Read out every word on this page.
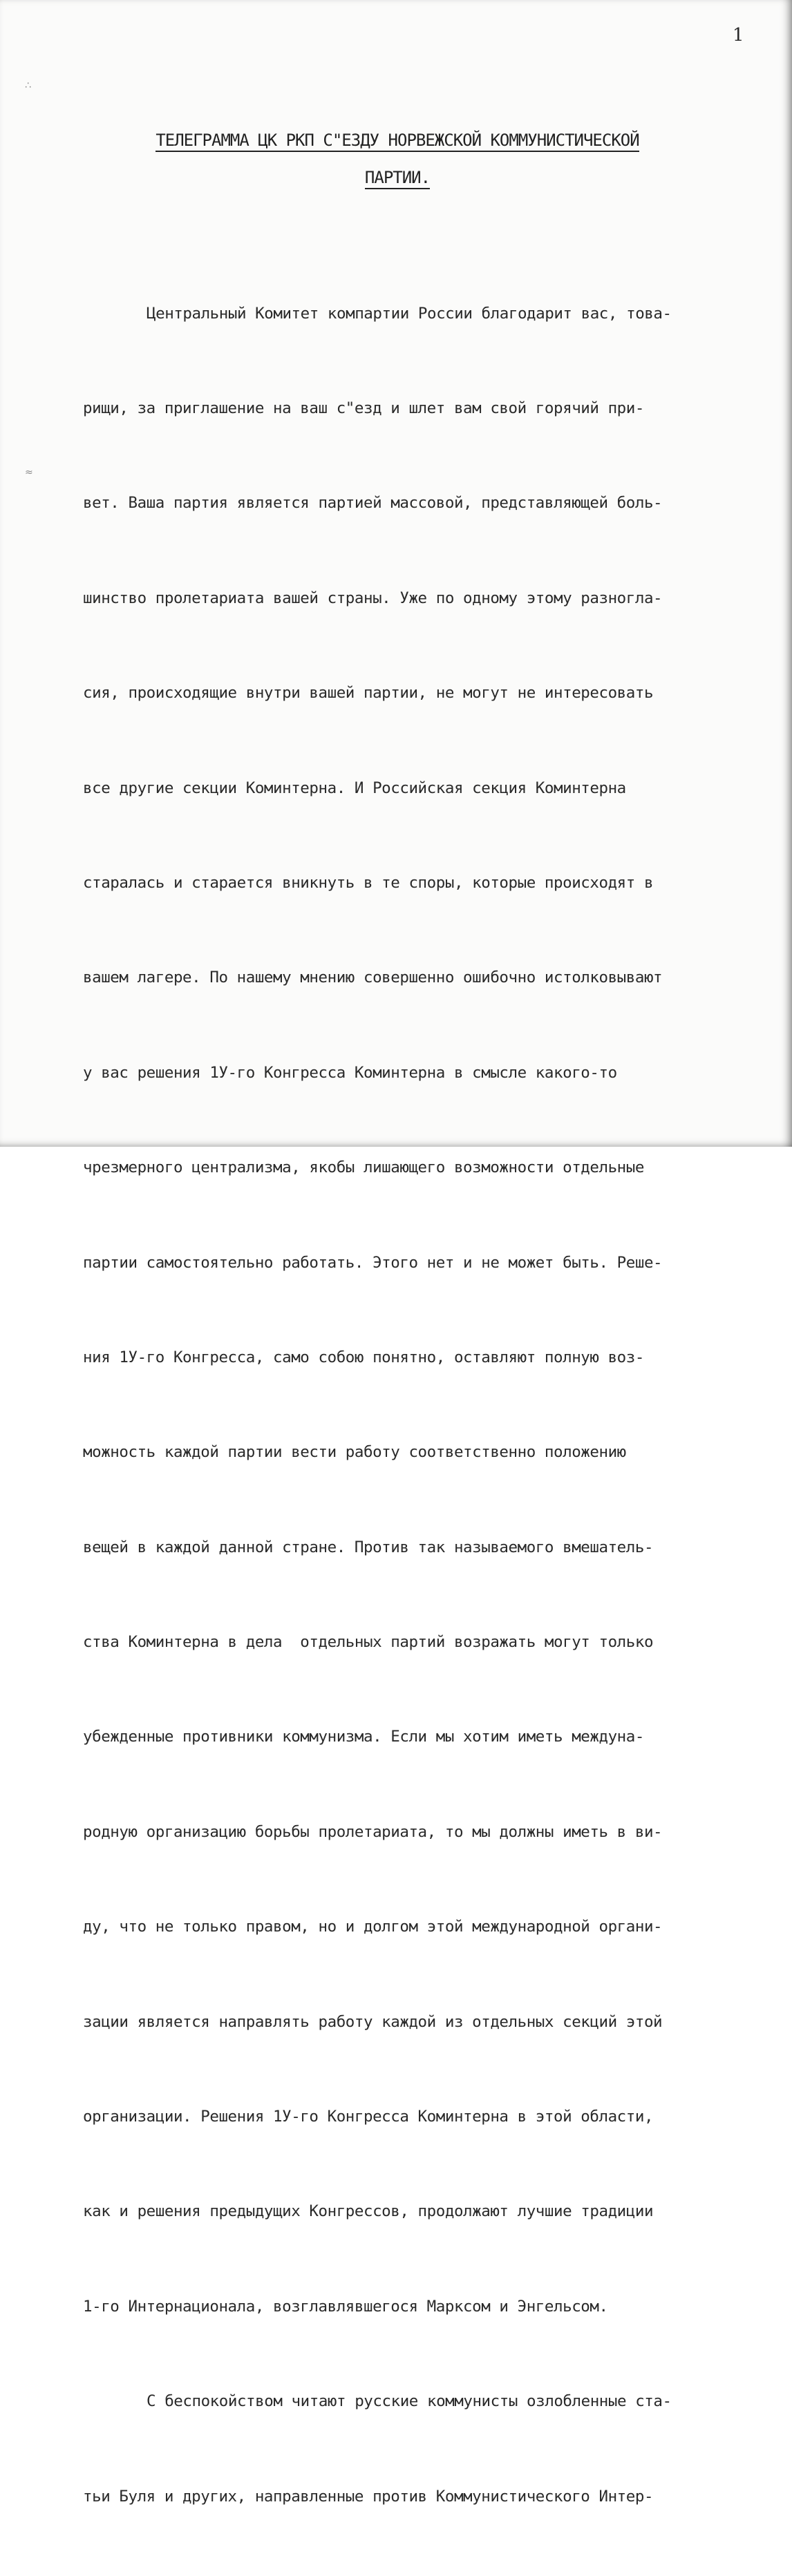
1
∴
≈
ТЕЛЕГРАММА ЦК РКП С"ЕЗДУ НОРВЕЖСКОЙ КОММУНИСТИЧЕСКОЙ
ПАРТИИ.

Центральный Комитет компартии России благодарит вас, това-

рищи, за приглашение на ваш с"езд и шлет вам свой горячий при-

вет. Ваша партия является партией массовой, представляющей боль-

шинство пролетариата вашей страны. Уже по одному этому разногла-

сия, происходящие внутри вашей партии, не могут не интересовать

все другие секции Коминтерна. И Российская секция Коминтерна

старалась и старается вникнуть в те споры, которые происходят в

вашем лагере. По нашему мнению совершенно ошибочно истолковывают

у вас решения 1У-го Конгресса Коминтерна в смысле какого-то

чрезмерного централизма, якобы лишающего возможности отдельные

партии самостоятельно работать. Этого нет и не может быть. Реше-

ния 1У-го Конгресса, само собою понятно, оставляют полную воз-

можность каждой партии вести работу соответственно положению

вещей в каждой данной стране. Против так называемого вмешатель-

ства Коминтерна в дела  отдельных партий возражать могут только

убежденные противники коммунизма. Если мы хотим иметь междуна-

родную организацию борьбы пролетариата, то мы должны иметь в ви-

ду, что не только правом, но и долгом этой международной органи-

зации является направлять работу каждой из отдельных секций этой

организации. Решения 1У-го Конгресса Коминтерна в этой области,

как и решения предыдущих Конгрессов, продолжают лучшие традиции

1-го Интернационала, возглавлявшегося Марксом и Энгельсом.

С беспокойством читают русские коммунисты озлобленные ста-

тьи Буля и других, направленные против Коммунистического Интер-
